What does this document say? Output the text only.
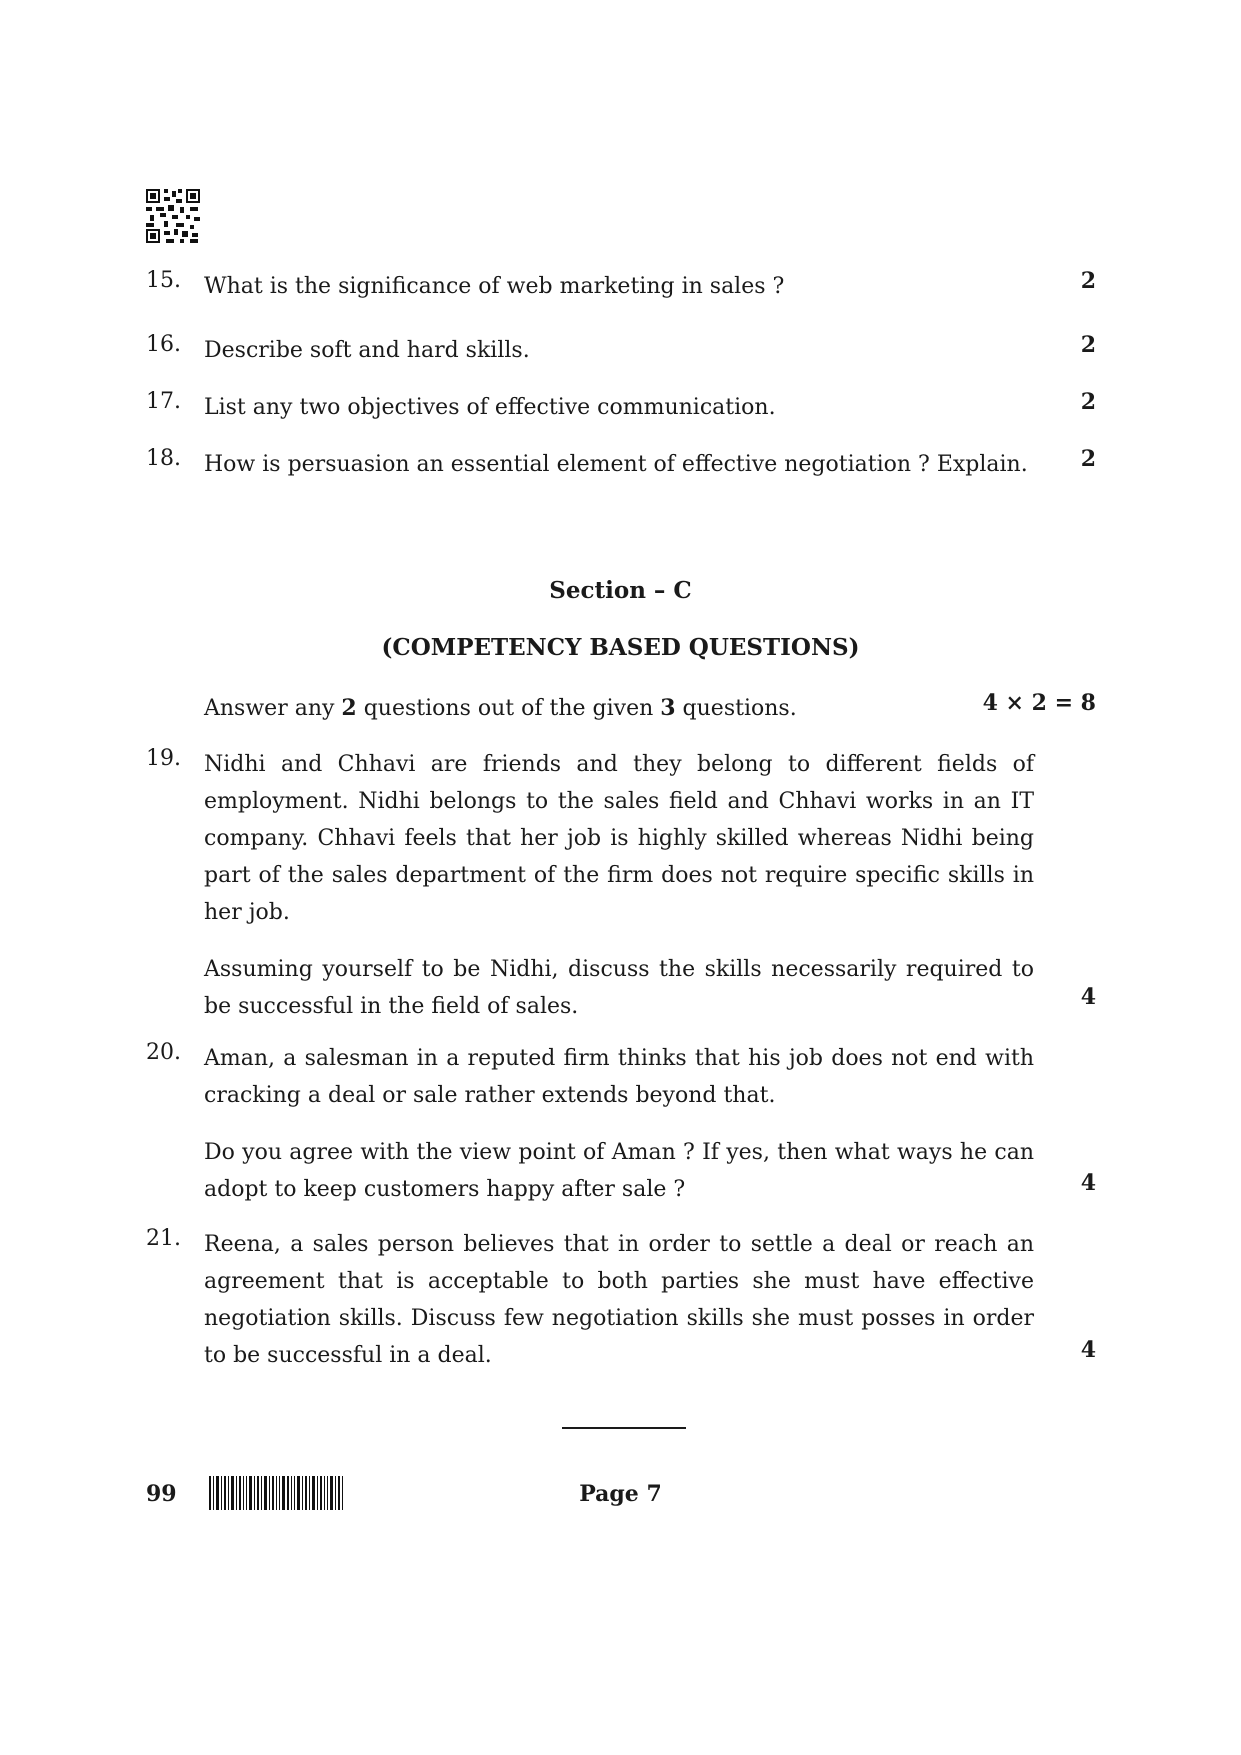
15. What is the significance of web marketing in sales ?	2
16. Describe soft and hard skills.	2
17. List any two objectives of effective communication.	2
18. How is persuasion an essential element of effective negotiation ? Explain.	2
Section – C
(COMPETENCY BASED QUESTIONS)
Answer any 2 questions out of the given 3 questions.	4 × 2 = 8
19. Nidhi and Chhavi are friends and they belong to different fields of employment. Nidhi belongs to the sales field and Chhavi works in an IT company. Chhavi feels that her job is highly skilled whereas Nidhi being part of the sales department of the firm does not require specific skills in her job.

Assuming yourself to be Nidhi, discuss the skills necessarily required to be successful in the field of sales.	4
20. Aman, a salesman in a reputed firm thinks that his job does not end with cracking a deal or sale rather extends beyond that.

Do you agree with the view point of Aman ? If yes, then what ways he can adopt to keep customers happy after sale ?	4
21. Reena, a sales person believes that in order to settle a deal or reach an agreement that is acceptable to both parties she must have effective negotiation skills. Discuss few negotiation skills she must posses in order to be successful in a deal.	4
99	Page 7
